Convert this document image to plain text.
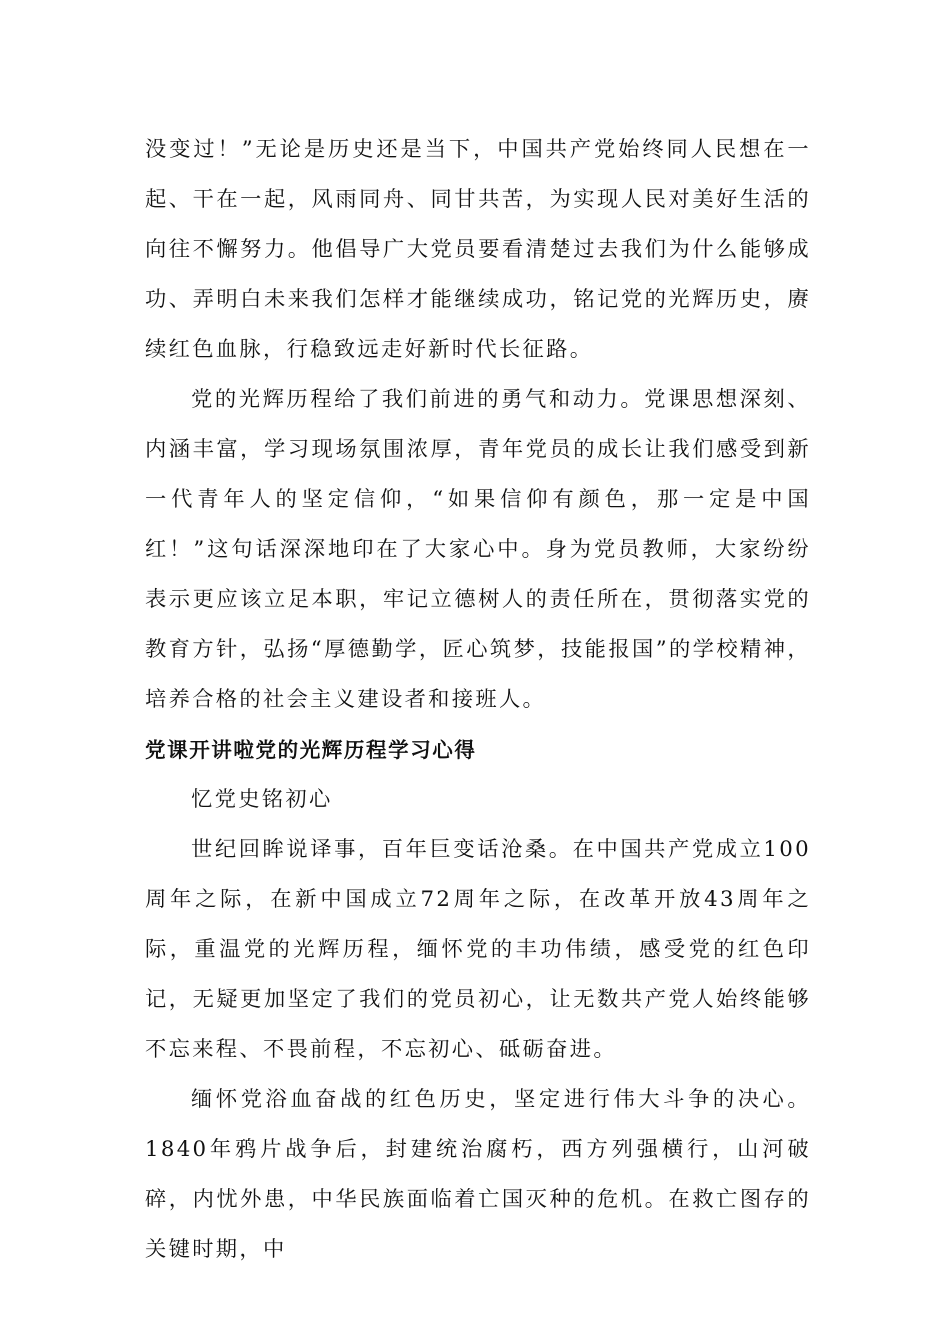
没变过！”无论是历史还是当下，中国共产党始终同人民想在一起、干在一起，风雨同舟、同甘共苦，为实现人民对美好生活的向往不懈努力。他倡导广大党员要看清楚过去我们为什么能够成功、弄明白未来我们怎样才能继续成功，铭记党的光辉历史，赓续红色血脉，行稳致远走好新时代长征路。

党的光辉历程给了我们前进的勇气和动力。党课思想深刻、内涵丰富，学习现场氛围浓厚，青年党员的成长让我们感受到新一代青年人的坚定信仰，“如果信仰有颜色，那一定是中国红！”这句话深深地印在了大家心中。身为党员教师，大家纷纷表示更应该立足本职，牢记立德树人的责任所在，贯彻落实党的教育方针，弘扬“厚德勤学，匠心筑梦，技能报国”的学校精神，培养合格的社会主义建设者和接班人。

党课开讲啦党的光辉历程学习心得

忆党史铭初心

世纪回眸说译事，百年巨变话沧桑。在中国共产党成立100周年之际，在新中国成立72周年之际，在改革开放43周年之际，重温党的光辉历程，缅怀党的丰功伟绩，感受党的红色印记，无疑更加坚定了我们的党员初心，让无数共产党人始终能够不忘来程、不畏前程，不忘初心、砥砺奋进。

缅怀党浴血奋战的红色历史，坚定进行伟大斗争的决心。1840年鸦片战争后，封建统治腐朽，西方列强横行，山河破碎，内忧外患，中华民族面临着亡国灭种的危机。在救亡图存的关键时期，中
